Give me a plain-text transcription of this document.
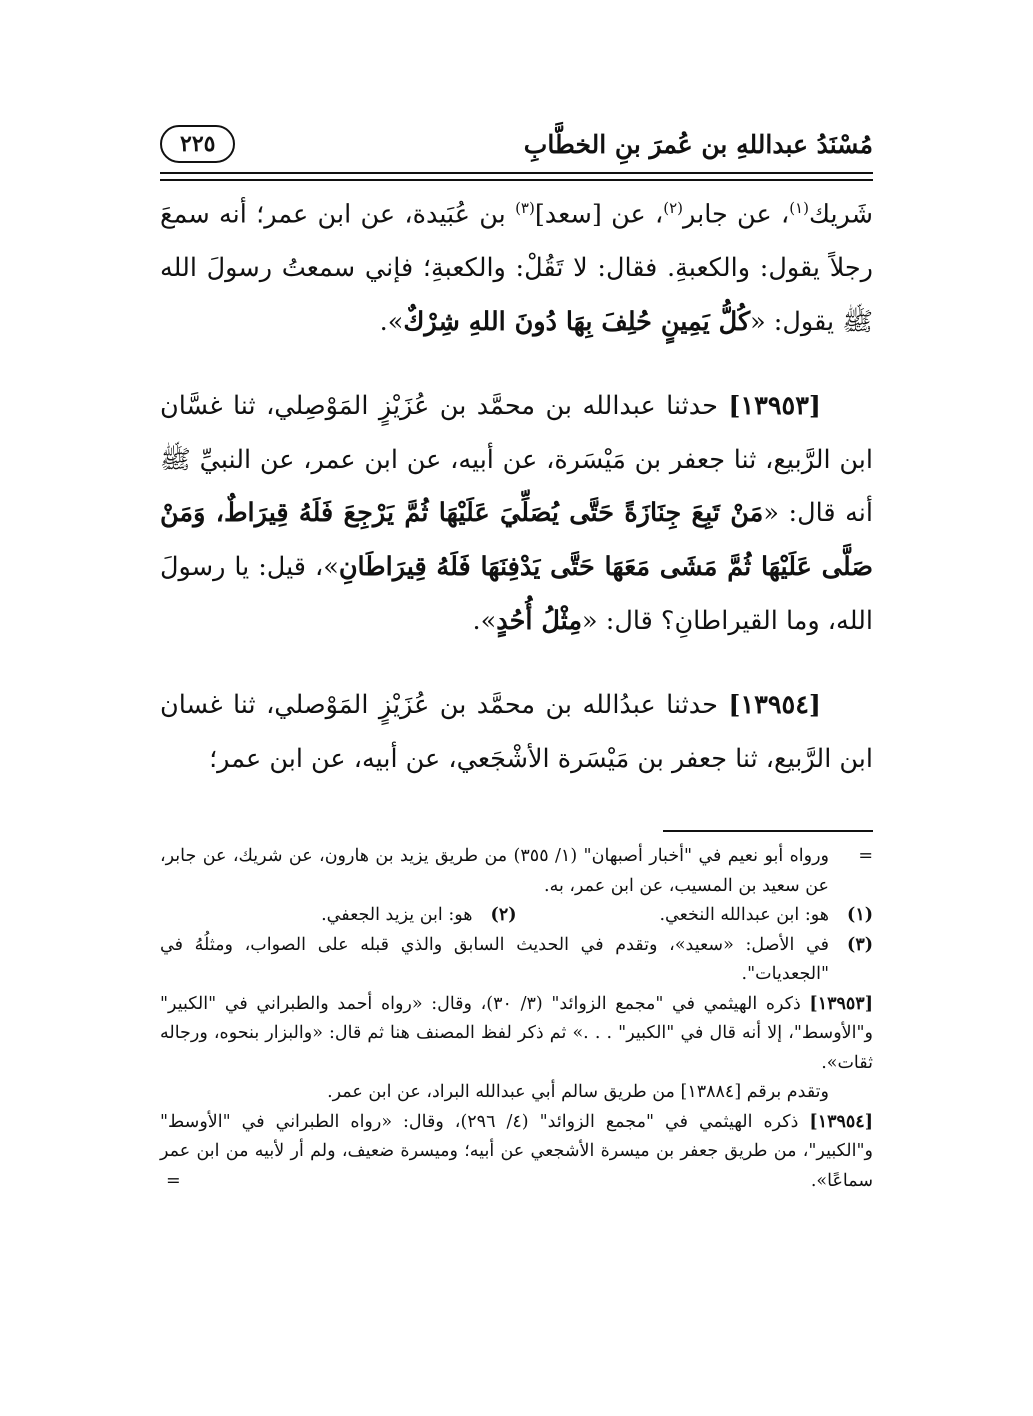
مُسْنَدُ عبداللهِ بن عُمرَ بنِ الخطَّابِ
٢٢٥

شَريك$^{(١)}$، عن جابر$^{(٢)}$، عن [سعد]$^{(٣)}$ بن عُبَيدة، عن ابن عمر؛ أنه سمعَ رجلاً يقول: والكعبةِ. فقال: لا تَقُلْ: والكعبةِ؛ فإني سمعتُ رسولَ الله ﷺ يقول: «كُلُّ يَمِينٍ حُلِفَ بِهَا دُونَ اللهِ شِرْكٌ».

[١٣٩٥٣] حدثنا عبدالله بن محمَّد بن عُزَيْزٍ المَوْصِلي، ثنا غسَّان ابن الرَّبيع، ثنا جعفر بن مَيْسَرة، عن أبيه، عن ابن عمر، عن النبيِّ ﷺ أنه قال: «مَنْ تَبِعَ جِنَازَةً حَتَّى يُصَلِّيَ عَلَيْهَا ثُمَّ يَرْجِعَ فَلَهُ قِيرَاطٌ، وَمَنْ صَلَّى عَلَيْهَا ثُمَّ مَشَى مَعَهَا حَتَّى يَدْفِنَهَا فَلَهُ قِيرَاطَانِ»، قيل: يا رسولَ الله، وما القيراطانِ؟ قال: «مِثْلُ أُحُدٍ».

[١٣٩٥٤] حدثنا عبدُالله بن محمَّد بن عُزَيْزٍ المَوْصلي، ثنا غسان ابن الرَّبيع، ثنا جعفر بن مَيْسَرة الأشْجَعي، عن أبيه، عن ابن عمر؛

=
ورواه أبو نعيم في "أخبار أصبهان" (١/ ٣٥٥) من طريق يزيد بن هارون، عن شريك، عن جابر، عن سعيد بن المسيب، عن ابن عمر، به.

(١)
هو: ابن عبدالله النخعي.

(٢)
هو: ابن يزيد الجعفي.

(٣)
في الأصل: «سعيد»، وتقدم في الحديث السابق والذي قبله على الصواب، ومثلُهُ في "الجعديات".

[١٣٩٥٣] ذكره الهيثمي في "مجمع الزوائد" (٣/ ٣٠)، وقال: «رواه أحمد والطبراني في "الكبير" و"الأوسط"، إلا أنه قال في "الكبير" . . .» ثم ذكر لفظ المصنف هنا ثم قال: «والبزار بنحوه، ورجاله ثقات».

وتقدم برقم [١٣٨٨٤] من طريق سالم أبي عبدالله البراد، عن ابن عمر.

[١٣٩٥٤] ذكره الهيثمي في "مجمع الزوائد" (٤/ ٢٩٦)، وقال: «رواه الطبراني في "الأوسط" و"الكبير"، من طريق جعفر بن ميسرة الأشجعي عن أبيه؛ وميسرة ضعيف، ولم أر لأبيه من ابن عمر سماعًا».
=
